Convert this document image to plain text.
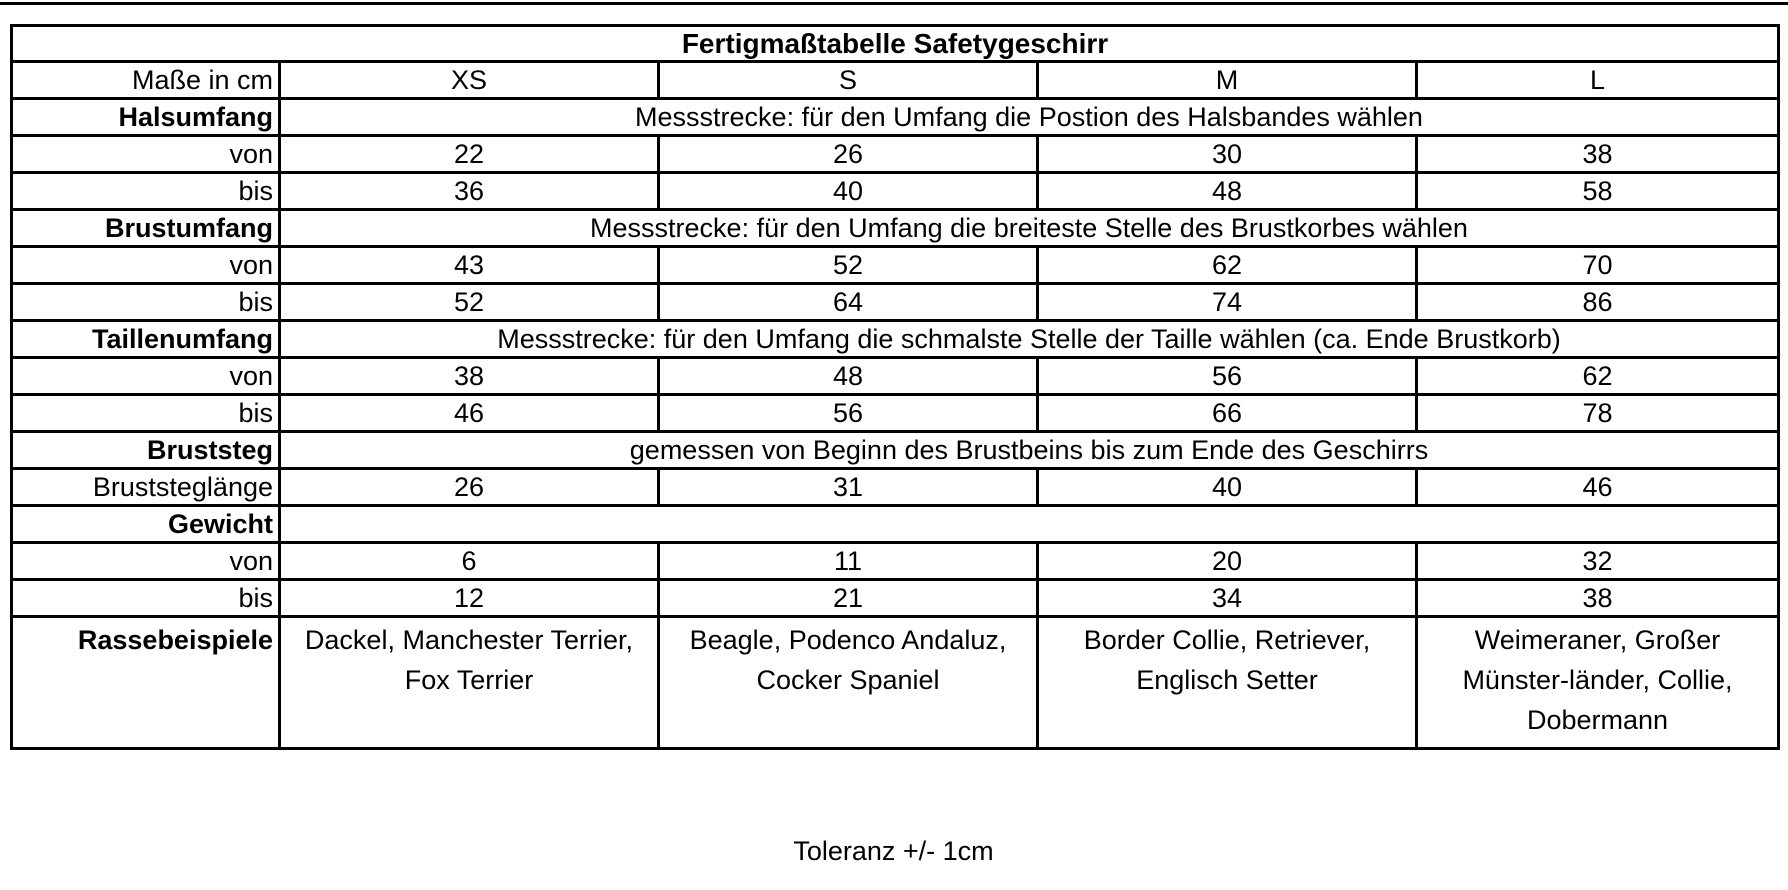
Fertigmaßtabelle Safetygeschirr				
Maße in cm	XS	S	M	L
Halsumfang	Messstrecke: für den Umfang die Postion des Halsbandes wählen			
von	22	26	30	38
bis	36	40	48	58
Brustumfang	Messstrecke: für den Umfang die breiteste Stelle des Brustkorbes wählen			
von	43	52	62	70
bis	52	64	74	86
Taillenumfang	Messstrecke: für den Umfang die schmalste Stelle der Taille wählen (ca. Ende Brustkorb)			
von	38	48	56	62
bis	46	56	66	78
Bruststeg	gemessen von Beginn des Brustbeins bis zum Ende des Geschirrs			
Bruststeglänge	26	31	40	46
Gewicht				
von	6	11	20	32
bis	12	21	34	38
Rassebeispiele	Dackel, Manchester Terrier, Fox Terrier	Beagle, Podenco Andaluz, Cocker Spaniel	Border Collie, Retriever, Englisch Setter	Weimeraner, Großer Münster-länder, Collie, Dobermann
Toleranz +/- 1cm
